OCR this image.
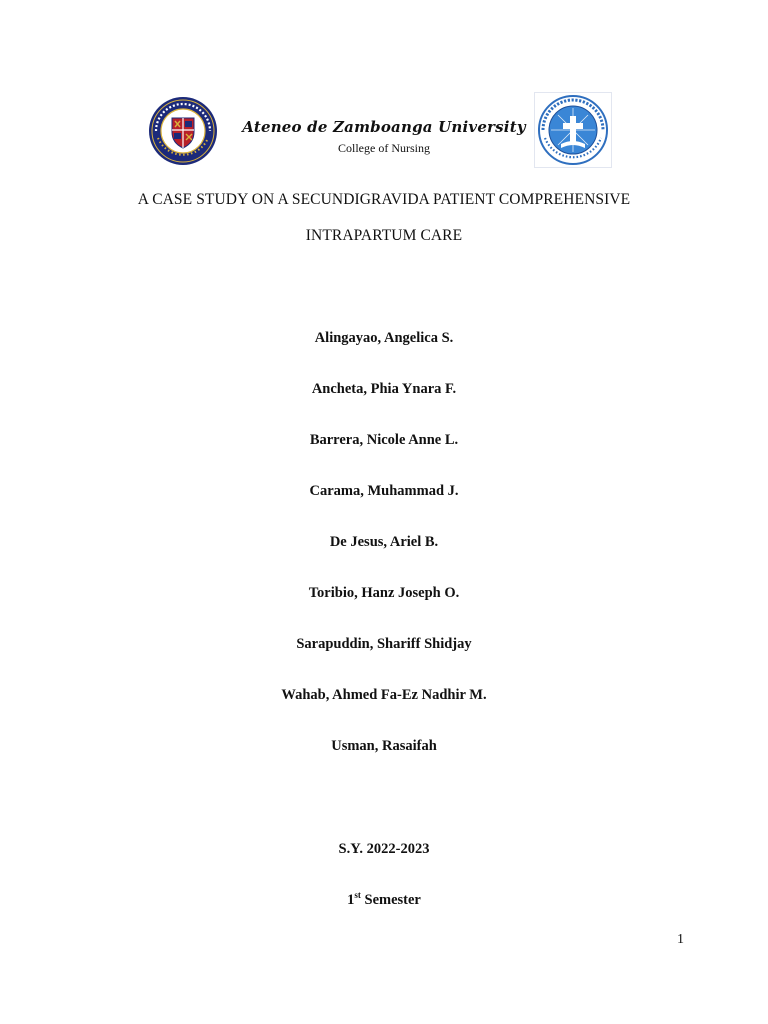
Ateneo de Zamboanga University
College of Nursing
A CASE STUDY ON A SECUNDIGRAVIDA PATIENT COMPREHENSIVE
INTRAPARTUM CARE
Alingayao, Angelica S.
Ancheta, Phia Ynara F.
Barrera, Nicole Anne L.
Carama, Muhammad J.
De Jesus, Ariel B.
Toribio, Hanz Joseph O.
Sarapuddin, Shariff Shidjay
Wahab, Ahmed Fa-Ez Nadhir M.
Usman, Rasaifah
S.Y. 2022-2023
1st Semester
1
